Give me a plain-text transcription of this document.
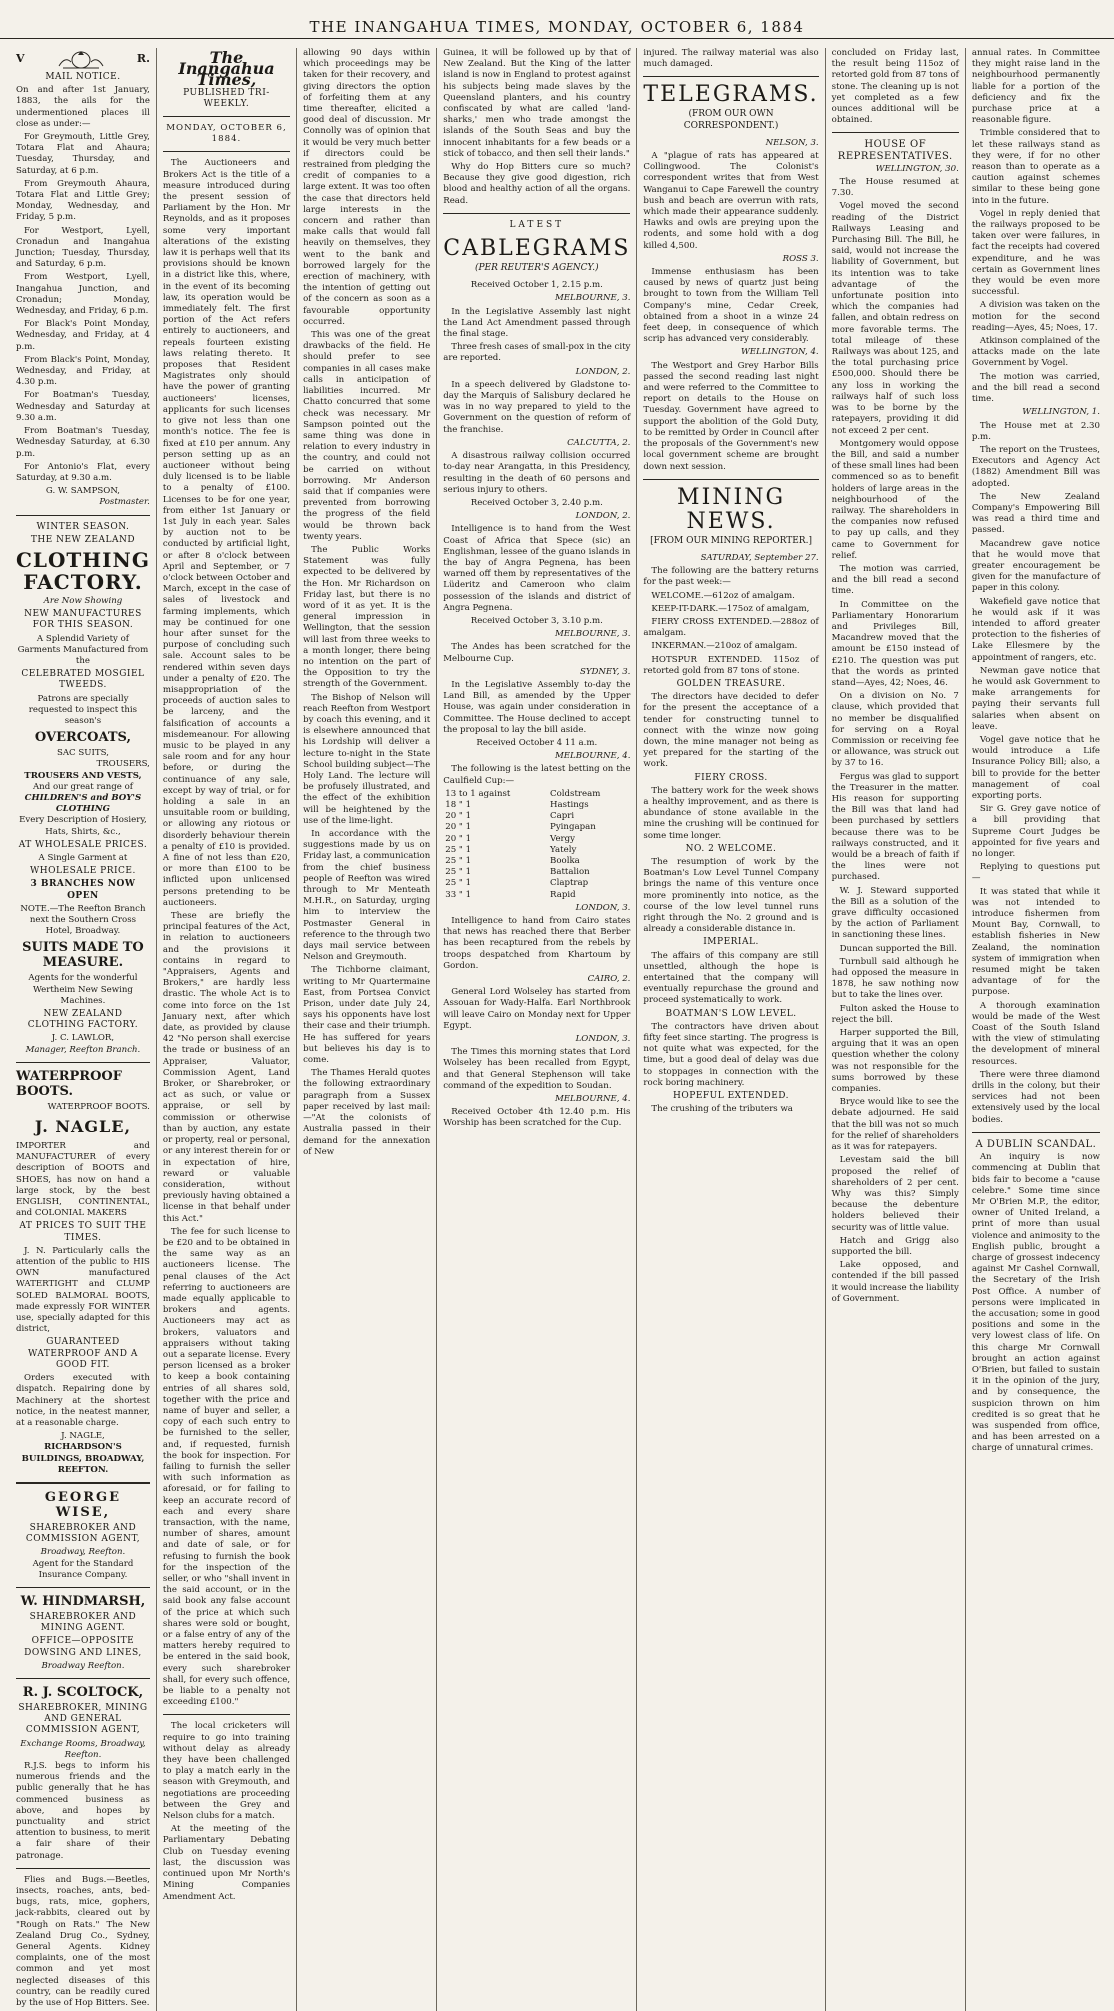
THE INANGAHUA TIMES, MONDAY, OCTOBER 6, 1884
V	R.
MAIL NOTICE.

On and after 1st January, 1883, the ails for the undermentioned places ill close as under:—

For Greymouth, Little Grey, Totara Flat and Ahaura; Tuesday, Thursday, and Saturday, at 6 p.m.

From Greymouth Ahaura, Totara Flat and Little Grey; Monday, Wednesday, and Friday, 5 p.m.

For Westport, Lyell, Cronadun and Inangahua Junction; Tuesday, Thursday, and Saturday, 6 p.m.

From Westport, Lyell, Inangahua Junction, and Cronadun; Monday, Wednesday, and Friday, 6 p.m.

For Black's Point Monday, Wednesday, and Friday, at 4 p.m.

From Black's Point, Monday, Wednesday, and Friday, at 4.30 p.m.

For Boatman's Tuesday, Wednesday and Saturday at 9.30 a.m.

From Boatman's Tuesday, Wednesday Saturday, at 6.30 p.m.

For Antonio's Flat, every Saturday, at 9.30 a.m.

G. W. SAMPSON,
Postmaster.
WINTER SEASON.
THE NEW ZEALAND
CLOTHING FACTORY.
Are Now Showing
NEW MANUFACTURES FOR THIS SEASON.
A Splendid Variety of Garments Manufactured from the
CELEBRATED MOSGIEL TWEEDS.
Patrons are specially requested to inspect this season's
OVERCOATS,
SAC SUITS,
TROUSERS,
TROUSERS AND VESTS,
And our great range of
CHILDREN'S and BOY'S CLOTHING
Every Description of Hosiery, Hats, Shirts, &c.,
AT WHOLESALE PRICES.
A Single Garment at
WHOLESALE PRICE.
3 BRANCHES NOW OPEN
NOTE.—The Reefton Branch next the Southern Cross Hotel, Broadway.
SUITS MADE TO MEASURE.
Agents for the wonderful Wertheim New Sewing Machines.
NEW ZEALAND CLOTHING FACTORY.
J. C. LAWLOR,
Manager, Reefton Branch.
WATERPROOF BOOTS.
WATERPROOF BOOTS.
J. NAGLE,

IMPORTER and MANUFACTURER of every description of BOOTS and SHOES, has now on hand a large stock, by the best ENGLISH, CONTINENTAL, and COLONIAL MAKERS

AT PRICES TO SUIT THE TIMES.

J. N. Particularly calls the attention of the public to HIS OWN manufactured WATERTIGHT and CLUMP SOLED BALMORAL BOOTS, made expressly FOR WINTER use, specially adapted for this district,

GUARANTEED WATERPROOF AND A GOOD FIT.

Orders executed with dispatch. Repairing done by Machinery at the shortest notice, in the neatest manner, at a reasonable charge.

J. NAGLE,
RICHARDSON'S BUILDINGS, BROADWAY, REEFTON.
GEORGE WISE,
SHAREBROKER AND COMMISSION AGENT,
Broadway, Reefton.
Agent for the Standard Insurance Company.
W. HINDMARSH,
SHAREBROKER AND MINING AGENT.
OFFICE—OPPOSITE DOWSING AND LINES,
Broadway Reefton.
R. J. SCOLTOCK,
SHAREBROKER, MINING AND GENERAL COMMISSION AGENT,
Exchange Rooms, Broadway, Reefton.

R.J.S. begs to inform his numerous friends and the public generally that he has commenced business as above, and hopes by punctuality and strict attention to business, to merit a fair share of their patronage.

Flies and Bugs.—Beetles, insects, roaches, ants, bed-bugs, rats, mice, gophers, jack-rabbits, cleared out by "Rough on Rats." The New Zealand Drug Co., Sydney, General Agents. Kidney complaints, one of the most common and yet most neglected diseases of this country, can be readily cured by the use of Hop Bitters. See.

The Inangahua Times,
PUBLISHED TRI-WEEKLY.
MONDAY, OCTOBER 6, 1884.

The Auctioneers and Brokers Act is the title of a measure introduced during the present session of Parliament by the Hon. Mr Reynolds, and as it proposes some very important alterations of the existing law it is perhaps well that its provisions should be known in a district like this, where, in the event of its becoming law, its operation would be immediately felt. The first portion of the Act refers entirely to auctioneers, and repeals fourteen existing laws relating thereto. It proposes that Resident Magistrates only should have the power of granting auctioneers' licenses, applicants for such licenses to give not less than one month's notice. The fee is fixed at £10 per annum. Any person setting up as an auctioneer without being duly licensed is to be liable to a penalty of £100. Licenses to be for one year, from either 1st January or 1st July in each year. Sales by auction not to be conducted by artificial light, or after 8 o'clock between April and September, or 7 o'clock between October and March, except in the case of sales of livestock and farming implements, which may be continued for one hour after sunset for the purpose of concluding such sale. Account sales to be rendered within seven days under a penalty of £20. The misappropriation of the proceeds of auction sales to be larceny, and the falsification of accounts a misdemeanour. For allowing music to be played in any sale room and for any hour before, or during the continuance of any sale, except by way of trial, or for holding a sale in an unsuitable room or building, or allowing any riotous or disorderly behaviour therein a penalty of £10 is provided. A fine of not less than £20, or more than £100 to be inflicted upon unlicensed persons pretending to be auctioneers.

These are briefly the principal features of the Act, in relation to auctioneers and the provisions it contains in regard to "Appraisers, Agents and Brokers," are hardly less drastic. The whole Act is to come into force on the 1st January next, after which date, as provided by clause 42 "No person shall exercise the trade or business of an Appraiser, Valuator, Commission Agent, Land Broker, or Sharebroker, or act as such, or value or appraise, or sell by commission or otherwise than by auction, any estate or property, real or personal, or any interest therein for or in expectation of hire, reward or valuable consideration, without previously having obtained a license in that behalf under this Act."

The fee for such license to be £20 and to be obtained in the same way as an auctioneers license. The penal clauses of the Act referring to auctioneers are made equally applicable to brokers and agents. Auctioneers may act as brokers, valuators and appraisers without taking out a separate license. Every person licensed as a broker to keep a book containing entries of all shares sold, together with the price and name of buyer and seller, a copy of each such entry to be furnished to the seller, and, if requested, furnish the book for inspection. For failing to furnish the seller with such information as aforesaid, or for failing to keep an accurate record of each and every share transaction, with the name, number of shares, amount and date of sale, or for refusing to furnish the book for the inspection of the seller, or who "shall invent in the said account, or in the said book any false account of the price at which such shares were sold or bought, or a false entry of any of the matters hereby required to be entered in the said book, every such sharebroker shall, for every such offence, be liable to a penalty not exceeding £100."

The local cricketers will require to go into training without delay as already they have been challenged to play a match early in the season with Greymouth, and negotiations are proceeding between the Grey and Nelson clubs for a match.

At the meeting of the Parliamentary Debating Club on Tuesday evening last, the discussion was continued upon Mr North's Mining Companies Amendment Act.

allowing 90 days within which proceedings may be taken for their recovery, and giving directors the option of forfeiting them at any time thereafter, elicited a good deal of discussion. Mr Connolly was of opinion that it would be very much better if directors could be restrained from pledging the credit of companies to a large extent. It was too often the case that directors held large interests in the concern and rather than make calls that would fall heavily on themselves, they went to the bank and borrowed largely for the erection of machinery, with the intention of getting out of the concern as soon as a favourable opportunity occurred.

This was one of the great drawbacks of the field. He should prefer to see companies in all cases make calls in anticipation of liabilities incurred. Mr Chatto concurred that some check was necessary. Mr Sampson pointed out the same thing was done in relation to every industry in the country, and could not be carried on without borrowing. Mr Anderson said that if companies were prevented from borrowing the progress of the field would be thrown back twenty years.

The Public Works Statement was fully expected to be delivered by the Hon. Mr Richardson on Friday last, but there is no word of it as yet. It is the general impression in Wellington, that the session will last from three weeks to a month longer, there being no intention on the part of the Opposition to try the strength of the Government.

The Bishop of Nelson will reach Reefton from Westport by coach this evening, and it is elsewhere announced that his Lordship will deliver a lecture to-night in the State School building subject—The Holy Land. The lecture will be profusely illustrated, and the effect of the exhibition will be heightened by the use of the lime-light.

In accordance with the suggestions made by us on Friday last, a communication from the chief business people of Reefton was wired through to Mr Menteath M.H.R., on Saturday, urging him to interview the Postmaster General in reference to the through two days mail service between Nelson and Greymouth.

The Tichborne claimant, writing to Mr Quartermaine East, from Portsea Convict Prison, under date July 24, says his opponents have lost their case and their triumph. He has suffered for years but believes his day is to come.

The Thames Herald quotes the following extraordinary paragraph from a Sussex paper received by last mail:—"At the colonists of Australia passed in their demand for the annexation of New

Guinea, it will be followed up by that of New Zealand. But the King of the latter island is now in England to protest against his subjects being made slaves by the Queensland planters, and his country confiscated by what are called 'land-sharks,' men who trade amongst the islands of the South Seas and buy the innocent inhabitants for a few beads or a stick of tobacco, and then sell their lands."

Why do Hop Bitters cure so much? Because they give good digestion, rich blood and healthy action of all the organs. Read.

LATEST
CABLEGRAMS
(PER REUTER'S AGENCY.)
Received October 1, 2.15 p.m.
MELBOURNE, 3.

In the Legislative Assembly last night the Land Act Amendment passed through the final stage.

Three fresh cases of small-pox in the city are reported.

LONDON, 2.

In a speech delivered by Gladstone to-day the Marquis of Salisbury declared he was in no way prepared to yield to the Government on the question of reform of the franchise.

CALCUTTA, 2.

A disastrous railway collision occurred to-day near Arangatta, in this Presidency, resulting in the death of 60 persons and serious injury to others.

Received October 3, 2.40 p.m.
LONDON, 2.

Intelligence is to hand from the West Coast of Africa that Spece (sic) an Englishman, lessee of the guano islands in the bay of Angra Pegnena, has been warned off them by representatives of the Lüderitz and Cameroon who claim possession of the islands and district of Angra Pegnena.

Received October 3, 3.10 p.m.
MELBOURNE, 3.

The Andes has been scratched for the Melbourne Cup.

SYDNEY, 3.

In the Legislative Assembly to-day the Land Bill, as amended by the Upper House, was again under consideration in Committee. The House declined to accept the proposal to lay the bill aside.

Received October 4 11 a.m.
MELBOURNE, 4.

The following is the latest betting on the Caulfield Cup:—

13 to 1 against	Coldstream
18 " 1	Hastings
20 " 1	Capri
20 " 1	Pyingapan
20 " 1	Vergy
25 " 1	Yately
25 " 1	Boolka
25 " 1	Battalion
25 " 1	Claptrap
33 " 1	Rapid
LONDON, 3.

Intelligence to hand from Cairo states that news has reached there that Berber has been recaptured from the rebels by troops despatched from Khartoum by Gordon.

CAIRO, 2.

General Lord Wolseley has started from Assouan for Wady-Halfa. Earl Northbrook will leave Cairo on Monday next for Upper Egypt.

LONDON, 3.

The Times this morning states that Lord Wolseley has been recalled from Egypt, and that General Stephenson will take command of the expedition to Soudan.

MELBOURNE, 4.

Received October 4th 12.40 p.m. His Worship has been scratched for the Cup.

injured. The railway material was also much damaged.

TELEGRAMS.
(FROM OUR OWN CORRESPONDENT.)
NELSON, 3.

A "plague of rats has appeared at Collingwood. The Colonist's correspondent writes that from West Wanganui to Cape Farewell the country bush and beach are overrun with rats, which made their appearance suddenly. Hawks and owls are preying upon the rodents, and some hold with a dog killed 4,500.

ROSS 3.

Immense enthusiasm has been caused by news of quartz just being brought to town from the William Tell Company's mine, Cedar Creek, obtained from a shoot in a winze 24 feet deep, in consequence of which scrip has advanced very considerably.

WELLINGTON, 4.

The Westport and Grey Harbor Bills passed the second reading last night and were referred to the Committee to report on details to the House on Tuesday. Government have agreed to support the abolition of the Gold Duty, to be remitted by Order in Council after the proposals of the Government's new local government scheme are brought down next session.

MINING NEWS.
[FROM OUR MINING REPORTER.]
SATURDAY, September 27.

The following are the battery returns for the past week:—

WELCOME.—612oz of amalgam.

KEEP-IT-DARK.—175oz of amalgam,

FIERY CROSS EXTENDED.—288oz of amalgam.

INKERMAN.—210oz of amalgam.

HOTSPUR EXTENDED. 115oz of retorted gold from 87 tons of stone.

GOLDEN TREASURE.

The directors have decided to defer for the present the acceptance of a tender for constructing tunnel to connect with the winze now going down, the mine manager not being as yet prepared for the starting of the work.

FIERY CROSS.

The battery work for the week shows a healthy improvement, and as there is abundance of stone available in the mine the crushing will be continued for some time longer.

NO. 2 WELCOME.

The resumption of work by the Boatman's Low Level Tunnel Company brings the name of this venture once more prominently into notice, as the course of the low level tunnel runs right through the No. 2 ground and is already a considerable distance in.

IMPERIAL.

The affairs of this company are still unsettled, although the hope is entertained that the company will eventually repurchase the ground and proceed systematically to work.

BOATMAN'S LOW LEVEL.

The contractors have driven about fifty feet since starting. The progress is not quite what was expected, for the time, but a good deal of delay was due to stoppages in connection with the rock boring machinery.

HOPEFUL EXTENDED.

The crushing of the tributers wa

concluded on Friday last, the result being 115oz of retorted gold from 87 tons of stone. The cleaning up is not yet completed as a few ounces additional will be obtained.

HOUSE OF REPRESENTATIVES.
WELLINGTON, 30.

The House resumed at 7.30.

Vogel moved the second reading of the District Railways Leasing and Purchasing Bill. The Bill, he said, would not increase the liability of Government, but its intention was to take advantage of the unfortunate position into which the companies had fallen, and obtain redress on more favorable terms. The total mileage of these Railways was about 125, and the total purchasing price £500,000. Should there be any loss in working the railways half of such loss was to be borne by the ratepayers, providing it did not exceed 2 per cent.

Montgomery would oppose the Bill, and said a number of these small lines had been commenced so as to benefit holders of large areas in the neighbourhood of the railway. The shareholders in the companies now refused to pay up calls, and they came to Government for relief.

The motion was carried, and the bill read a second time.

In Committee on the Parliamentary Honorarium and Privileges Bill, Macandrew moved that the amount be £150 instead of £210. The question was put that the words as printed stand—Ayes, 42; Noes, 46.

On a division on No. 7 clause, which provided that no member be disqualified for serving on a Royal Commission or receiving fee or allowance, was struck out by 37 to 16.

Fergus was glad to support the Treasurer in the matter. His reason for supporting the Bill was that land had been purchased by settlers because there was to be railways constructed, and it would be a breach of faith if the lines were not purchased.

W. J. Steward supported the Bill as a solution of the grave difficulty occasioned by the action of Parliament in sanctioning these lines.

Duncan supported the Bill.

Turnbull said although he had opposed the measure in 1878, he saw nothing now but to take the lines over.

Fulton asked the House to reject the bill.

Harper supported the Bill, arguing that it was an open question whether the colony was not responsible for the sums borrowed by these companies.

Bryce would like to see the debate adjourned. He said that the bill was not so much for the relief of shareholders as it was for ratepayers.

Levestam said the bill proposed the relief of shareholders of 2 per cent. Why was this? Simply because the debenture holders believed their security was of little value.

Hatch and Grigg also supported the bill.

Lake opposed, and contended if the bill passed it would increase the liability of Government.

annual rates. In Committee they might raise land in the neighbourhood permanently liable for a portion of the deficiency and fix the purchase price at a reasonable figure.

Trimble considered that to let these railways stand as they were, if for no other reason than to operate as a caution against schemes similar to these being gone into in the future.

Vogel in reply denied that the railways proposed to be taken over were failures, in fact the receipts had covered expenditure, and he was certain as Government lines they would be even more successful.

A division was taken on the motion for the second reading—Ayes, 45; Noes, 17.

Atkinson complained of the attacks made on the late Government by Vogel.

The motion was carried, and the bill read a second time.

WELLINGTON, 1.

The House met at 2.30 p.m.

The report on the Trustees, Executors and Agency Act (1882) Amendment Bill was adopted.

The New Zealand Company's Empowering Bill was read a third time and passed.

Macandrew gave notice that he would move that greater encouragement be given for the manufacture of paper in this colony.

Wakefield gave notice that he would ask if it was intended to afford greater protection to the fisheries of Lake Ellesmere by the appointment of rangers, etc.

Newman gave notice that he would ask Government to make arrangements for paying their servants full salaries when absent on leave.

Vogel gave notice that he would introduce a Life Insurance Policy Bill; also, a bill to provide for the better management of coal exporting ports.

Sir G. Grey gave notice of a bill providing that Supreme Court Judges be appointed for five years and no longer.

Replying to questions put—

It was stated that while it was not intended to introduce fishermen from Mount Bay, Cornwall, to establish fisheries in New Zealand, the nomination system of immigration when resumed might be taken advantage of for the purpose.

A thorough examination would be made of the West Coast of the South Island with the view of stimulating the development of mineral resources.

There were three diamond drills in the colony, but their services had not been extensively used by the local bodies.

A DUBLIN SCANDAL.

An inquiry is now commencing at Dublin that bids fair to become a "cause celebre." Some time since Mr O'Brien M.P., the editor, owner of United Ireland, a print of more than usual violence and animosity to the English public, brought a charge of grossest indecency against Mr Cashel Cornwall, the Secretary of the Irish Post Office. A number of persons were implicated in the accusation; some in good positions and some in the very lowest class of life. On this charge Mr Cornwall brought an action against O'Brien, but failed to sustain it in the opinion of the jury, and by consequence, the suspicion thrown on him credited is so great that he was suspended from office, and has been arrested on a charge of unnatural crimes.
